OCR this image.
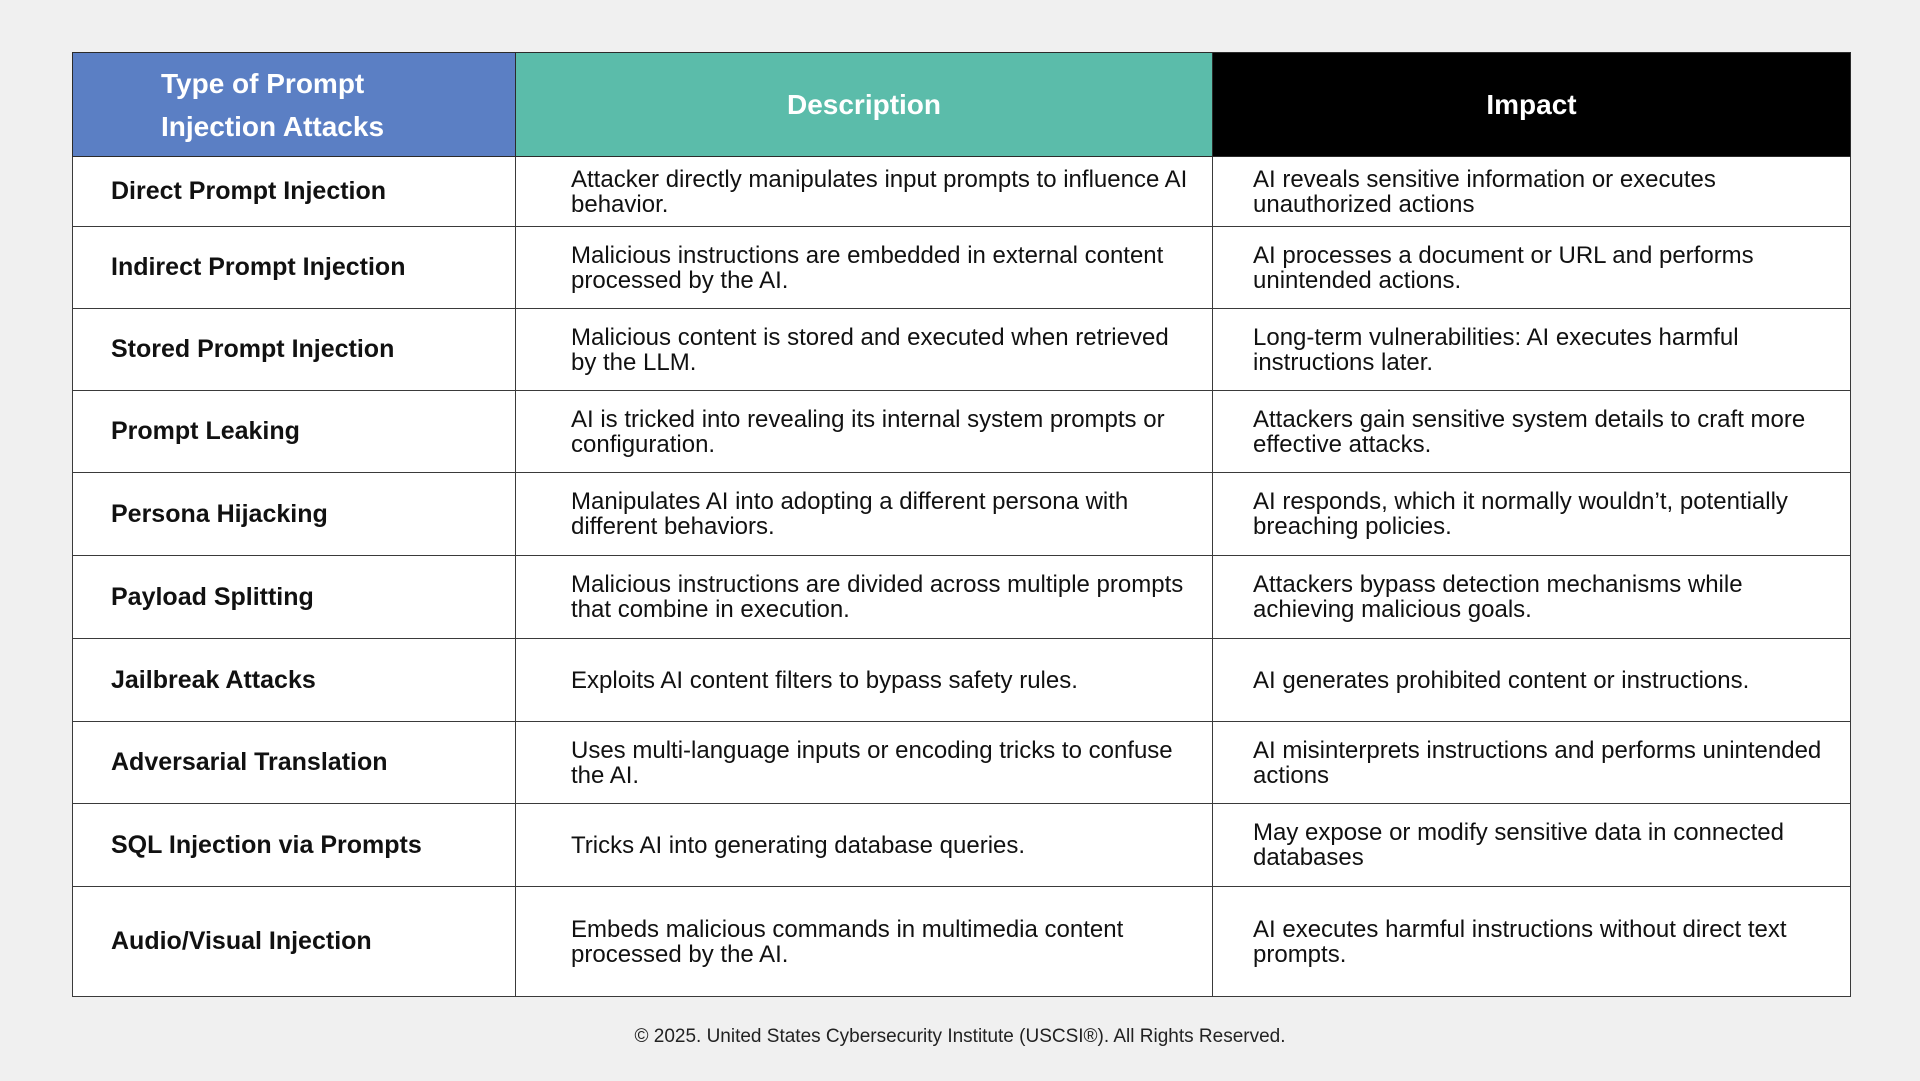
Type of Prompt Injection Attacks	Description	Impact
Direct Prompt Injection	Attacker directly manipulates input prompts to influence AI behavior.	AI reveals sensitive information or executes unauthorized actions
Indirect Prompt Injection	Malicious instructions are embedded in external content processed by the AI.	AI processes a document or URL and performs unintended actions.
Stored Prompt Injection	Malicious content is stored and executed when retrieved by the LLM.	Long-term vulnerabilities: AI executes harmful instructions later.
Prompt Leaking	AI is tricked into revealing its internal system prompts or configuration.	Attackers gain sensitive system details to craft more effective attacks.
Persona Hijacking	Manipulates AI into adopting a different persona with different behaviors.	AI responds, which it normally wouldn’t, potentially breaching policies.
Payload Splitting	Malicious instructions are divided across multiple prompts that combine in execution.	Attackers bypass detection mechanisms while achieving malicious goals.
Jailbreak Attacks	Exploits AI content filters to bypass safety rules.	AI generates prohibited content or instructions.
Adversarial Translation	Uses multi-language inputs or encoding tricks to confuse the AI.	AI misinterprets instructions and performs unintended actions
SQL Injection via Prompts	Tricks AI into generating database queries.	May expose or modify sensitive data in connected databases
Audio/Visual Injection	Embeds malicious commands in multimedia content processed by the AI.	AI executes harmful instructions without direct text prompts.
© 2025. United States Cybersecurity Institute (USCSI®). All Rights Reserved.
